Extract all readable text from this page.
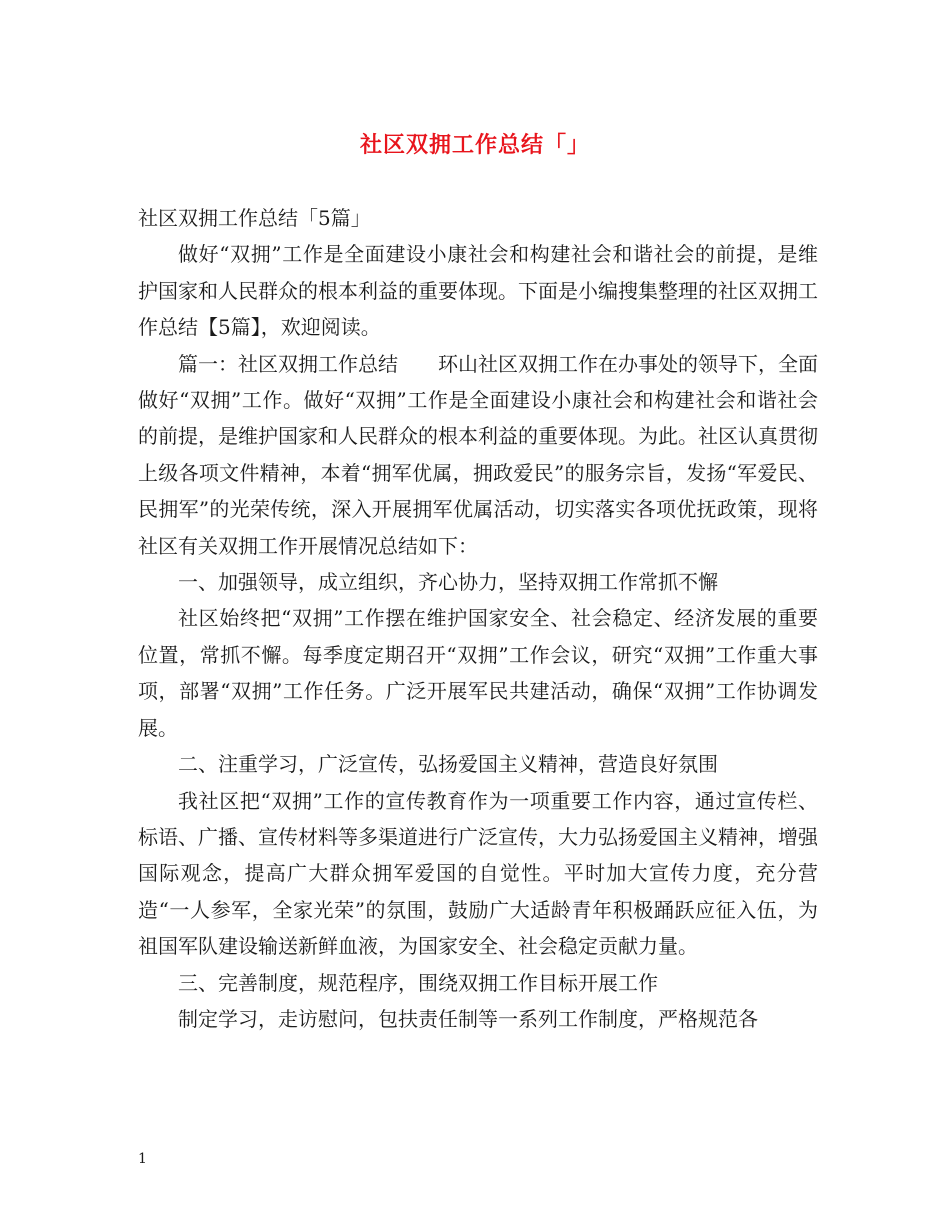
社区双拥工作总结「」

社区双拥工作总结「5篇」

做好“双拥”工作是全面建设小康社会和构建社会和谐社会的前提，是维护国家和人民群众的根本利益的重要体现。下面是小编搜集整理的社区双拥工作总结【5篇】，欢迎阅读。

篇一：社区双拥工作总结　　环山社区双拥工作在办事处的领导下，全面做好“双拥”工作。做好“双拥”工作是全面建设小康社会和构建社会和谐社会的前提，是维护国家和人民群众的根本利益的重要体现。为此。社区认真贯彻上级各项文件精神，本着“拥军优属，拥政爱民”的服务宗旨，发扬“军爱民、民拥军”的光荣传统，深入开展拥军优属活动，切实落实各项优抚政策，现将社区有关双拥工作开展情况总结如下：

一、加强领导，成立组织，齐心协力，坚持双拥工作常抓不懈

社区始终把“双拥”工作摆在维护国家安全、社会稳定、经济发展的重要位置，常抓不懈。每季度定期召开“双拥”工作会议，研究“双拥”工作重大事项，部署“双拥”工作任务。广泛开展军民共建活动，确保“双拥”工作协调发展。

二、注重学习，广泛宣传，弘扬爱国主义精神，营造良好氛围

我社区把“双拥”工作的宣传教育作为一项重要工作内容，通过宣传栏、标语、广播、宣传材料等多渠道进行广泛宣传，大力弘扬爱国主义精神，增强国际观念，提高广大群众拥军爱国的自觉性。平时加大宣传力度，充分营造“一人参军，全家光荣”的氛围，鼓励广大适龄青年积极踊跃应征入伍，为祖国军队建设输送新鲜血液，为国家安全、社会稳定贡献力量。

三、完善制度，规范程序，围绕双拥工作目标开展工作

制定学习，走访慰问，包扶责任制等一系列工作制度，严格规范各

1
